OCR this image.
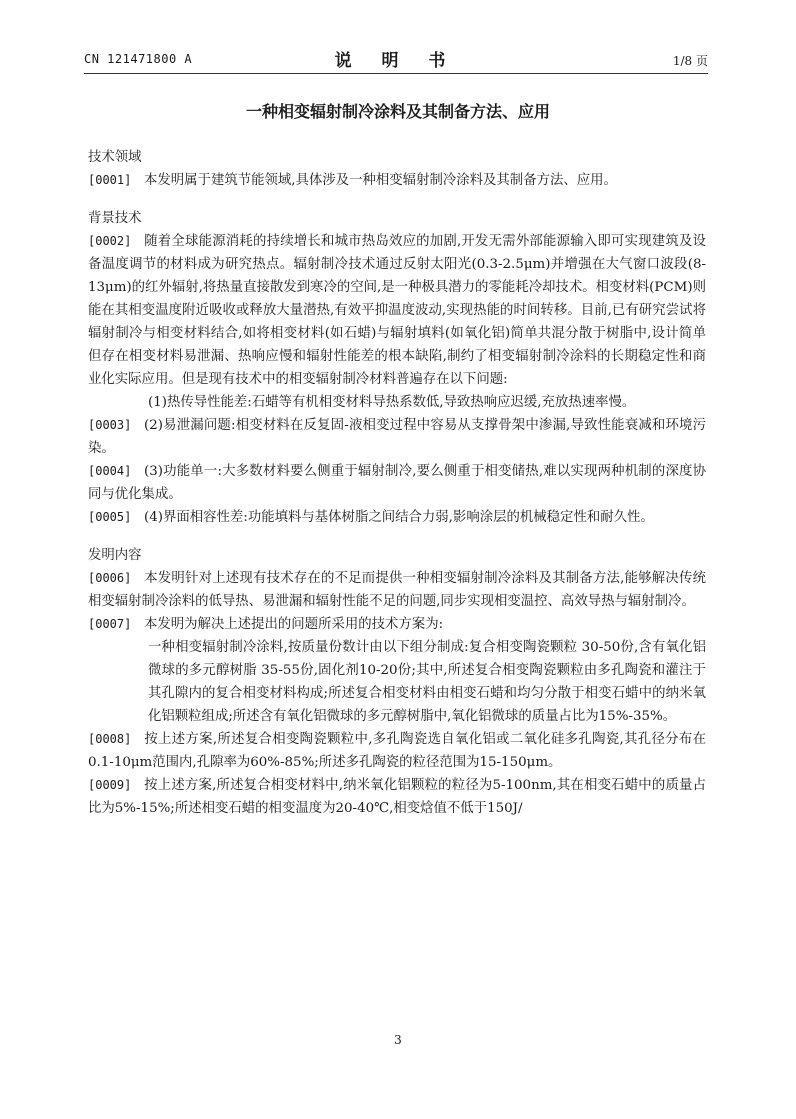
CN 121471800 A	说 明 书	1/8 页
一种相变辐射制冷涂料及其制备方法、应用

技术领域

[0001] 本发明属于建筑节能领域,具体涉及一种相变辐射制冷涂料及其制备方法、应用。

背景技术

[0002] 随着全球能源消耗的持续增长和城市热岛效应的加剧,开发无需外部能源输入即可实现建筑及设备温度调节的材料成为研究热点。辐射制冷技术通过反射太阳光(0.3-2.5μm)并增强在大气窗口波段(8-13μm)的红外辐射,将热量直接散发到寒冷的空间,是一种极具潜力的零能耗冷却技术。相变材料(PCM)则能在其相变温度附近吸收或释放大量潜热,有效平抑温度波动,实现热能的时间转移。目前,已有研究尝试将辐射制冷与相变材料结合,如将相变材料(如石蜡)与辐射填料(如氧化铝)简单共混分散于树脂中,设计简单但存在相变材料易泄漏、热响应慢和辐射性能差的根本缺陷,制约了相变辐射制冷涂料的长期稳定性和商业化实际应用。但是现有技术中的相变辐射制冷材料普遍存在以下问题:

(1)热传导性能差:石蜡等有机相变材料导热系数低,导致热响应迟缓,充放热速率慢。

[0003] (2)易泄漏问题:相变材料在反复固-液相变过程中容易从支撑骨架中渗漏,导致性能衰减和环境污染。

[0004] (3)功能单一:大多数材料要么侧重于辐射制冷,要么侧重于相变储热,难以实现两种机制的深度协同与优化集成。

[0005] (4)界面相容性差:功能填料与基体树脂之间结合力弱,影响涂层的机械稳定性和耐久性。

发明内容

[0006] 本发明针对上述现有技术存在的不足而提供一种相变辐射制冷涂料及其制备方法,能够解决传统相变辐射制冷涂料的低导热、易泄漏和辐射性能不足的问题,同步实现相变温控、高效导热与辐射制冷。

[0007] 本发明为解决上述提出的问题所采用的技术方案为:

一种相变辐射制冷涂料,按质量份数计由以下组分制成:复合相变陶瓷颗粒 30-50份,含有氧化铝微球的多元醇树脂 35-55份,固化剂10-20份;其中,所述复合相变陶瓷颗粒由多孔陶瓷和灌注于其孔隙内的复合相变材料构成;所述复合相变材料由相变石蜡和均匀分散于相变石蜡中的纳米氧化铝颗粒组成;所述含有氧化铝微球的多元醇树脂中,氧化铝微球的质量占比为15%-35%。

[0008] 按上述方案,所述复合相变陶瓷颗粒中,多孔陶瓷选自氧化铝或二氧化硅多孔陶瓷,其孔径分布在0.1-10μm范围内,孔隙率为60%-85%;所述多孔陶瓷的粒径范围为15-150μm。

[0009] 按上述方案,所述复合相变材料中,纳米氧化铝颗粒的粒径为5-100nm,其在相变石蜡中的质量占比为5%-15%;所述相变石蜡的相变温度为20-40℃,相变焓值不低于150J/

3
